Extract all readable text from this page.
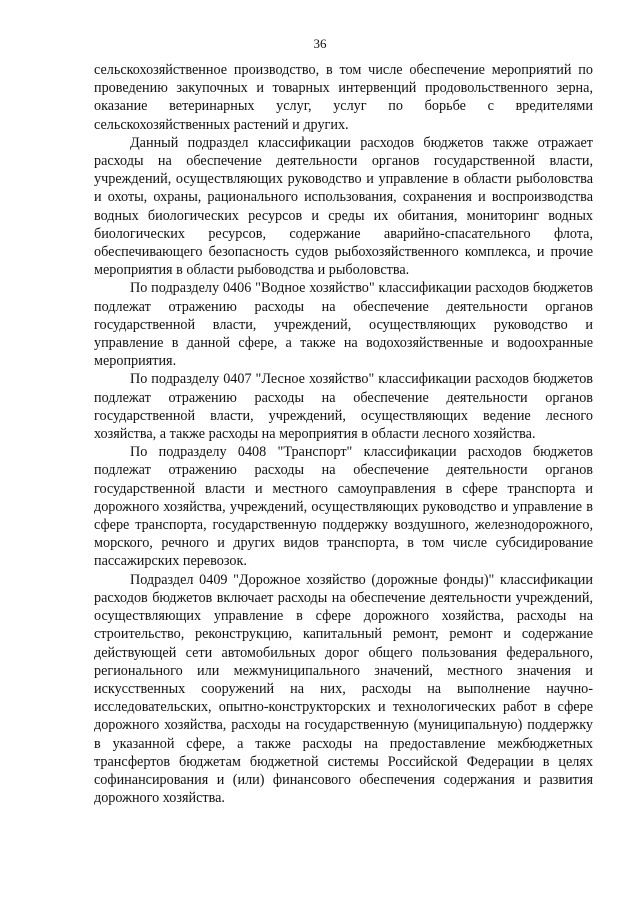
36

сельскохозяйственное производство, в том числе обеспечение мероприятий по проведению закупочных и товарных интервенций продовольственного зерна, оказание ветеринарных услуг, услуг по борьбе с вредителями сельскохозяйственных растений и других.

Данный подраздел классификации расходов бюджетов также отражает расходы на обеспечение деятельности органов государственной власти, учреждений, осуществляющих руководство и управление в области рыболовства и охоты, охраны, рационального использования, сохранения и воспроизводства водных биологических ресурсов и среды их обитания, мониторинг водных биологических ресурсов, содержание аварийно-спасательного флота, обеспечивающего безопасность судов рыбохозяйственного комплекса, и прочие мероприятия в области рыбоводства и рыболовства.

По подразделу 0406 "Водное хозяйство" классификации расходов бюджетов подлежат отражению расходы на обеспечение деятельности органов государственной власти, учреждений, осуществляющих руководство и управление в данной сфере, а также на водохозяйственные и водоохранные мероприятия.

По подразделу 0407 "Лесное хозяйство" классификации расходов бюджетов подлежат отражению расходы на обеспечение деятельности органов государственной власти, учреждений, осуществляющих ведение лесного хозяйства, а также расходы на мероприятия в области лесного хозяйства.

По подразделу 0408 "Транспорт" классификации расходов бюджетов подлежат отражению расходы на обеспечение деятельности органов государственной власти и местного самоуправления в сфере транспорта и дорожного хозяйства, учреждений, осуществляющих руководство и управление в сфере транспорта, государственную поддержку воздушного, железнодорожного, морского, речного и других видов транспорта, в том числе субсидирование пассажирских перевозок.

Подраздел 0409 "Дорожное хозяйство (дорожные фонды)" классификации расходов бюджетов включает расходы на обеспечение деятельности учреждений, осуществляющих управление в сфере дорожного хозяйства, расходы на строительство, реконструкцию, капитальный ремонт, ремонт и содержание действующей сети автомобильных дорог общего пользования федерального, регионального или межмуниципального значений, местного значения и искусственных сооружений на них, расходы на выполнение научно-исследовательских, опытно-конструкторских и технологических работ в сфере дорожного хозяйства, расходы на государственную (муниципальную) поддержку в указанной сфере, а также расходы на предоставление межбюджетных трансфертов бюджетам бюджетной системы Российской Федерации в целях софинансирования и (или) финансового обеспечения содержания и развития дорожного хозяйства.
